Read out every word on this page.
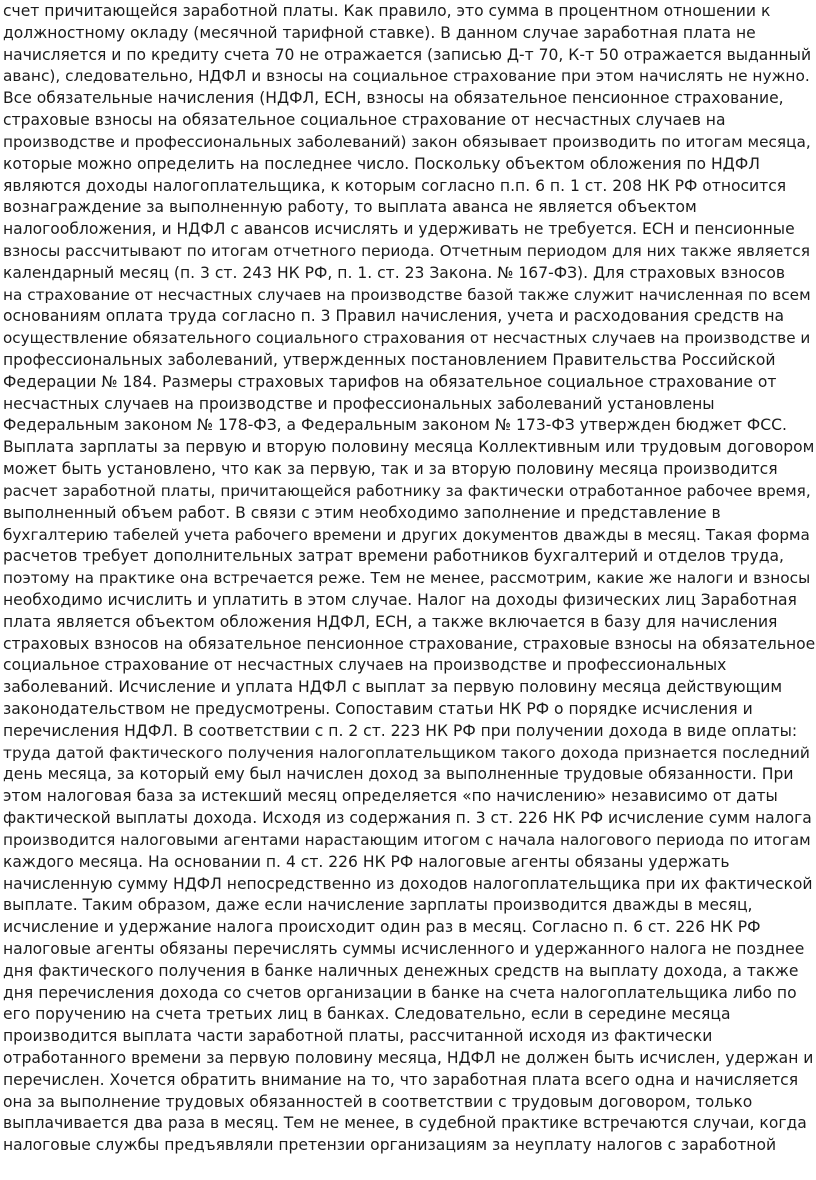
счет причитающейся заработной платы. Как правило, это сумма в процентном отношении к
должностному окладу (месячной тарифной ставке). В данном случае заработная плата не
начисляется и по кредиту счета 70 не отражается (записью Д-т 70, К-т 50 отражается выданный
аванс), следовательно, НДФЛ и взносы на социальное страхование при этом начислять не нужно.
Все обязательные начисления (НДФЛ, ЕСН, взносы на обязательное пенсионное страхование,
страховые взносы на обязательное социальное страхование от несчастных случаев на
производстве и профессиональных заболеваний) закон обязывает производить по итогам месяца,
которые можно определить на последнее число. Поскольку объектом обложения по НДФЛ
являются доходы налогоплательщика, к которым согласно п.п. 6 п. 1 ст. 208 НК РФ относится
вознаграждение за выполненную работу, то выплата аванса не является объектом
налогообложения, и НДФЛ с авансов исчислять и удерживать не требуется. ЕСН и пенсионные
взносы рассчитывают по итогам отчетного периода. Отчетным периодом для них также является
календарный месяц (п. 3 ст. 243 НК РФ, п. 1. ст. 23 Закона. № 167-ФЗ). Для страховых взносов
на страхование от несчастных случаев на производстве базой также служит начисленная по всем
основаниям оплата труда согласно п. 3 Правил начисления, учета и расходования средств на
осуществление обязательного социального страхования от несчастных случаев на производстве и
профессиональных заболеваний, утвержденных постановлением Правительства Российской
Федерации № 184. Размеры страховых тарифов на обязательное социальное страхование от
несчастных случаев на производстве и профессиональных заболеваний установлены
Федеральным законом № 178-ФЗ, а Федеральным законом № 173-ФЗ утвержден бюджет ФСС.
Выплата зарплаты за первую и вторую половину месяца Коллективным или трудовым договором
может быть установлено, что как за первую, так и за вторую половину месяца производится
расчет заработной платы, причитающейся работнику за фактически отработанное рабочее время,
выполненный объем работ. В связи с этим необходимо заполнение и представление в
бухгалтерию табелей учета рабочего времени и других документов дважды в месяц. Такая форма
расчетов требует дополнительных затрат времени работников бухгалтерий и отделов труда,
поэтому на практике она встречается реже. Тем не менее, рассмотрим, какие же налоги и взносы
необходимо исчислить и уплатить в этом случае. Налог на доходы физических лиц Заработная
плата является объектом обложения НДФЛ, ЕСН, а также включается в базу для начисления
страховых взносов на обязательное пенсионное страхование, страховые взносы на обязательное
социальное страхование от несчастных случаев на производстве и профессиональных
заболеваний. Исчисление и уплата НДФЛ с выплат за первую половину месяца действующим
законодательством не предусмотрены. Сопоставим статьи НК РФ о порядке исчисления и
перечисления НДФЛ. В соответствии с п. 2 ст. 223 НК РФ при получении дохода в виде оплаты:
труда датой фактического получения налогоплательщиком такого дохода признается последний
день месяца, за который ему был начислен доход за выполненные трудовые обязанности. При
этом налоговая база за истекший месяц определяется «по начислению» независимо от даты
фактической выплаты дохода. Исходя из содержания п. 3 ст. 226 НК РФ исчисление сумм налога
производится налоговыми агентами нарастающим итогом с начала налогового периода по итогам
каждого месяца. На основании п. 4 ст. 226 НК РФ налоговые агенты обязаны удержать
начисленную сумму НДФЛ непосредственно из доходов налогоплательщика при их фактической
выплате. Таким образом, даже если начисление зарплаты производится дважды в месяц,
исчисление и удержание налога происходит один раз в месяц. Согласно п. 6 ст. 226 НК РФ
налоговые агенты обязаны перечислять суммы исчисленного и удержанного налога не позднее
дня фактического получения в банке наличных денежных средств на выплату дохода, а также
дня перечисления дохода со счетов организации в банке на счета налогоплательщика либо по
его поручению на счета третьих лиц в банках. Следовательно, если в середине месяца
производится выплата части заработной платы, рассчитанной исходя из фактически
отработанного времени за первую половину месяца, НДФЛ не должен быть исчислен, удержан и
перечислен. Хочется обратить внимание на то, что заработная плата всего одна и начисляется
она за выполнение трудовых обязанностей в соответствии с трудовым договором, только
выплачивается два раза в месяц. Тем не менее, в судебной практике встречаются случаи, когда
налоговые службы предъявляли претензии организациям за неуплату налогов с заработной
